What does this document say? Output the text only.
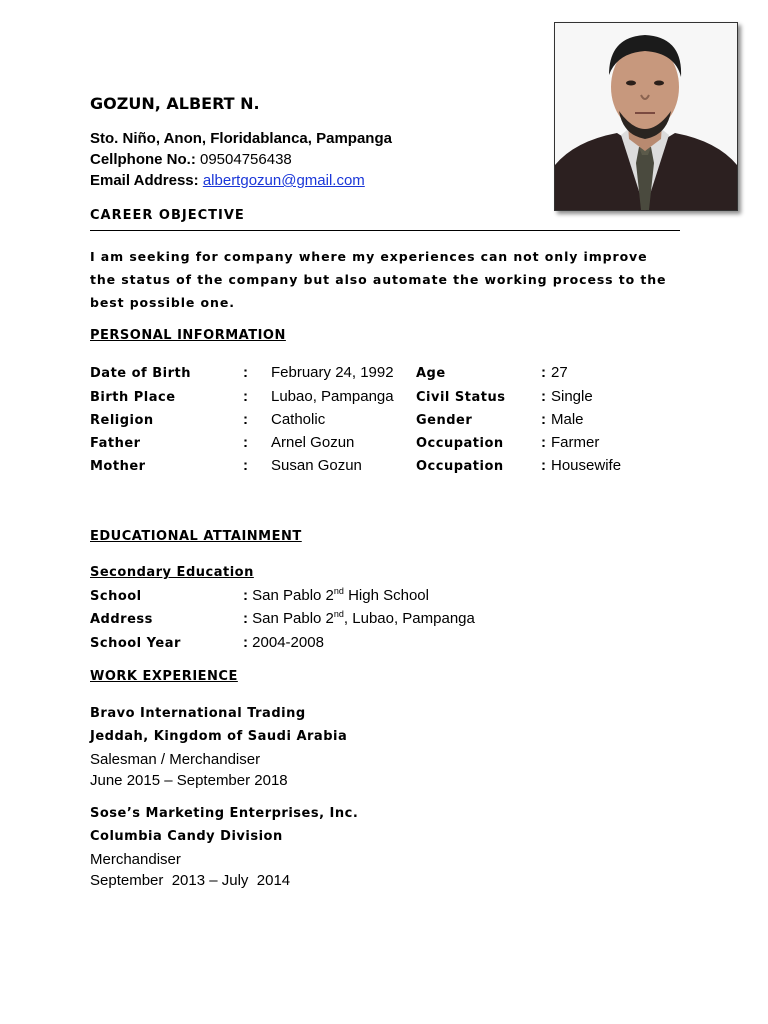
GOZUN, ALBERT N.
Sto. Niño, Anon, Floridablanca, Pampanga
Cellphone No.: 09504756438
Email Address: albertgozun@gmail.com
CAREER OBJECTIVE
I am seeking for company where my experiences can not only improve the status of the company but also automate the working process to the best possible one.
PERSONAL INFORMATION
Date of Birth	: February 24, 1992 Age	: 27
Birth Place	: Lubao, Pampanga Civil Status : Single
Religion	: Catholic	Gender	: Male
Father	: Arnel Gozun	Occupation : Farmer
Mother	: Susan Gozun	Occupation : Housewife
EDUCATIONAL ATTAINMENT
Secondary Education
School	: San Pablo 2nd High School
Address	: San Pablo 2nd, Lubao, Pampanga
School Year	: 2004-2008
WORK EXPERIENCE
Bravo International Trading
Jeddah, Kingdom of Saudi Arabia
Salesman / Merchandiser
June 2015 – September 2018
Sose’s Marketing Enterprises, Inc.
Columbia Candy Division
Merchandiser
September  2013 – July  2014
